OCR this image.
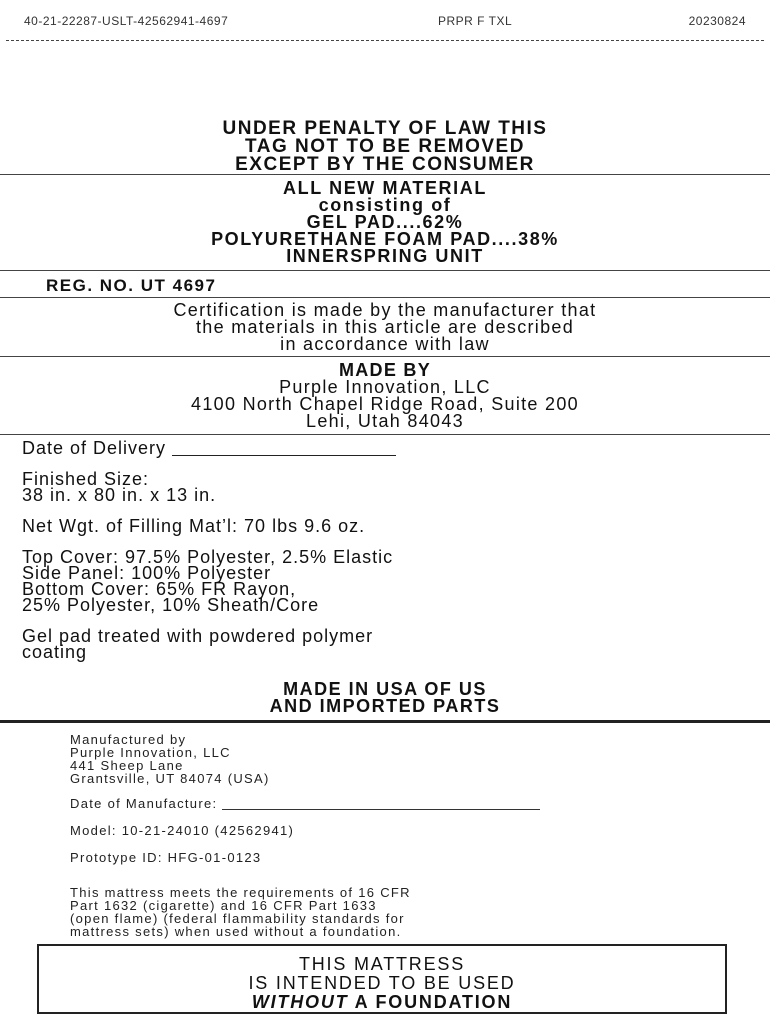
40-21-22287-USLT-42562941-4697	PRPR F TXL	20230824
UNDER PENALTY OF LAW THIS
TAG NOT TO BE REMOVED
EXCEPT BY THE CONSUMER
ALL NEW MATERIAL
consisting of
GEL PAD....62%
POLYURETHANE FOAM PAD....38%
INNERSPRING UNIT
REG. NO. UT 4697
Certification is made by the manufacturer that
the materials in this article are described
in accordance with law
MADE BY
Purple Innovation, LLC
4100 North Chapel Ridge Road, Suite 200
Lehi, Utah 84043

Date of Delivery

Finished Size:
38 in. x 80 in. x 13 in.

Net Wgt. of Filling Mat’l: 70 lbs 9.6 oz.

Top Cover: 97.5% Polyester, 2.5% Elastic
Side Panel: 100% Polyester
Bottom Cover: 65% FR Rayon,
25% Polyester, 10% Sheath/Core

Gel pad treated with powdered polymer
coating

MADE IN USA OF US
AND IMPORTED PARTS

Manufactured by
Purple Innovation, LLC
441 Sheep Lane
Grantsville, UT 84074 (USA)

Date of Manufacture:

Model: 10-21-24010 (42562941)

Prototype ID: HFG-01-0123

This mattress meets the requirements of 16 CFR
Part 1632 (cigarette) and 16 CFR Part 1633
(open flame) (federal flammability standards for
mattress sets) when used without a foundation.

THIS MATTRESS
IS INTENDED TO BE USED
WITHOUT A FOUNDATION
